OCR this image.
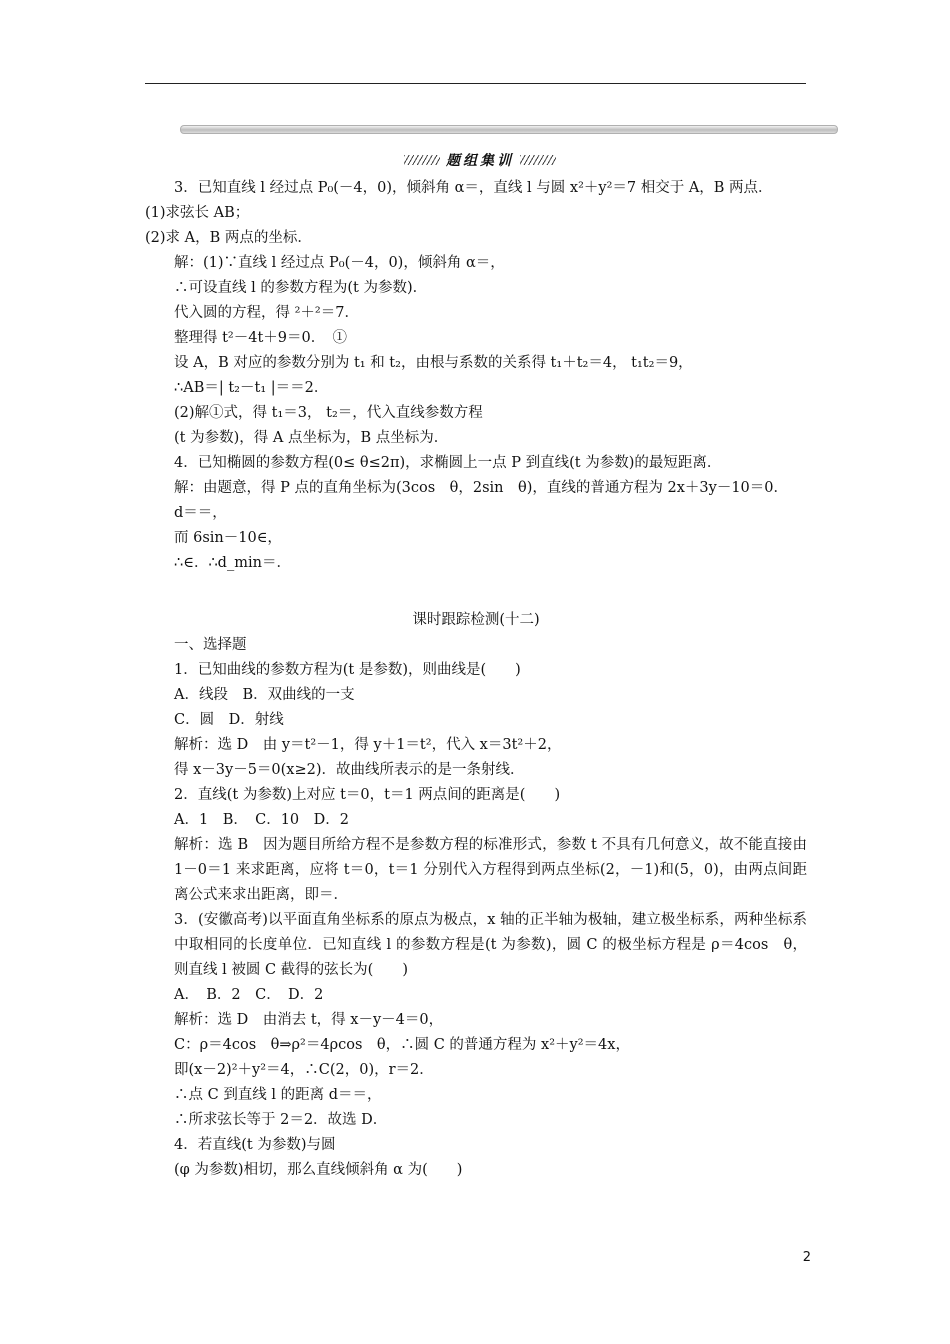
题组集训
3．已知直线 l 经过点 P₀(－4，0)，倾斜角 α＝，直线 l 与圆 x²＋y²＝7 相交于 A，B 两点．
(1)求弦长 AB；
(2)求 A，B 两点的坐标．
解：(1)∵直线 l 经过点 P₀(－4，0)，倾斜角 α＝，
∴可设直线 l 的参数方程为(t 为参数)．
代入圆的方程，得 ²＋²＝7．
整理得 t²－4t＋9＝0．　①
设 A，B 对应的参数分别为 t₁ 和 t₂，由根与系数的关系得 t₁＋t₂＝4， t₁t₂＝9，
∴AB＝| t₂－t₁ |＝＝2．
(2)解①式，得 t₁＝3， t₂＝，代入直线参数方程
(t 为参数)，得 A 点坐标为，B 点坐标为．
4．已知椭圆的参数方程(0≤ θ≤2π)，求椭圆上一点 P 到直线(t 为参数)的最短距离．
解：由题意，得 P 点的直角坐标为(3cos　θ，2sin　θ)，直线的普通方程为 2x＋3y－10＝0．
d＝＝，
而 6sin－10∈，
∴∈．∴d_min＝．
课时跟踪检测(十二)
一、选择题
1．已知曲线的参数方程为(t 是参数)，则曲线是(　　)
A．线段　B．双曲线的一支
C．圆　D．射线
解析：选 D　由 y＝t²－1，得 y＋1＝t²，代入 x＝3t²＋2，
得 x－3y－5＝0(x≥2)．故曲线所表示的是一条射线．
2．直线(t 为参数)上对应 t＝0，t＝1 两点间的距离是(　　)
A．1　B．　C．10　D．2
解析：选 B　因为题目所给方程不是参数方程的标准形式，参数 t 不具有几何意义，故不能直接由 1－0＝1 来求距离，应将 t＝0，t＝1 分别代入方程得到两点坐标(2，－1)和(5，0)，由两点间距离公式来求出距离，即＝．
3．(安徽高考)以平面直角坐标系的原点为极点，x 轴的正半轴为极轴，建立极坐标系，两种坐标系中取相同的长度单位．已知直线 l 的参数方程是(t 为参数)，圆 C 的极坐标方程是 ρ＝4cos　θ，则直线 l 被圆 C 截得的弦长为(　　)
A．　B．2　C．　D．2
解析：选 D　由消去 t，得 x－y－4＝0，
C：ρ＝4cos　θ⇒ρ²＝4ρcos　θ，∴圆 C 的普通方程为 x²＋y²＝4x，
即(x－2)²＋y²＝4，∴C(2，0)，r＝2．
∴点 C 到直线 l 的距离 d＝＝，
∴所求弦长等于 2＝2．故选 D．
4．若直线(t 为参数)与圆
(φ 为参数)相切，那么直线倾斜角 α 为(　　)
2
